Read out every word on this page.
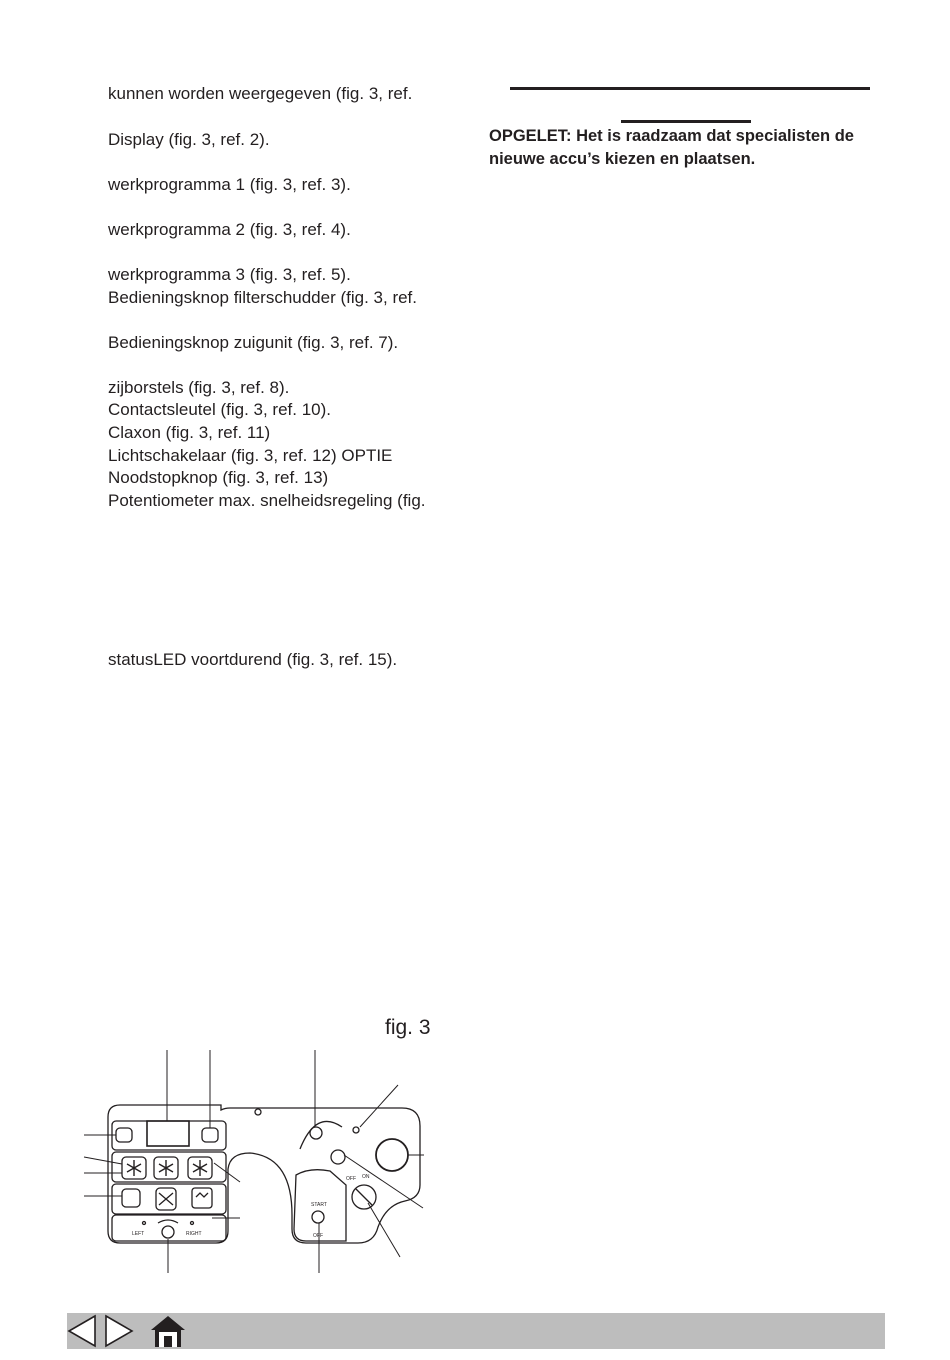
kunnen worden weergegeven (fig. 3, ref.
Display (fig. 3, ref. 2).
werkprogramma 1 (fig. 3, ref. 3).
werkprogramma 2 (fig. 3, ref. 4).
werkprogramma 3 (fig. 3, ref. 5).
Bedieningsknop filterschudder (fig. 3, ref.
Bedieningsknop zuigunit (fig. 3, ref. 7).
zijborstels (fig. 3, ref. 8).
Contactsleutel (fig. 3, ref. 10).
Claxon (fig. 3, ref. 11)
Lichtschakelaar (fig. 3, ref. 12) OPTIE
Noodstopknop (fig. 3, ref. 13)
Potentiometer max. snelheidsregeling (fig.
statusLED voortdurend (fig. 3, ref. 15).
OPGELET: Het is raadzaam dat specialisten de nieuwe accu’s kiezen en plaatsen.
fig. 3
LEFT	RIGHT
START
OFF
OFF ON
